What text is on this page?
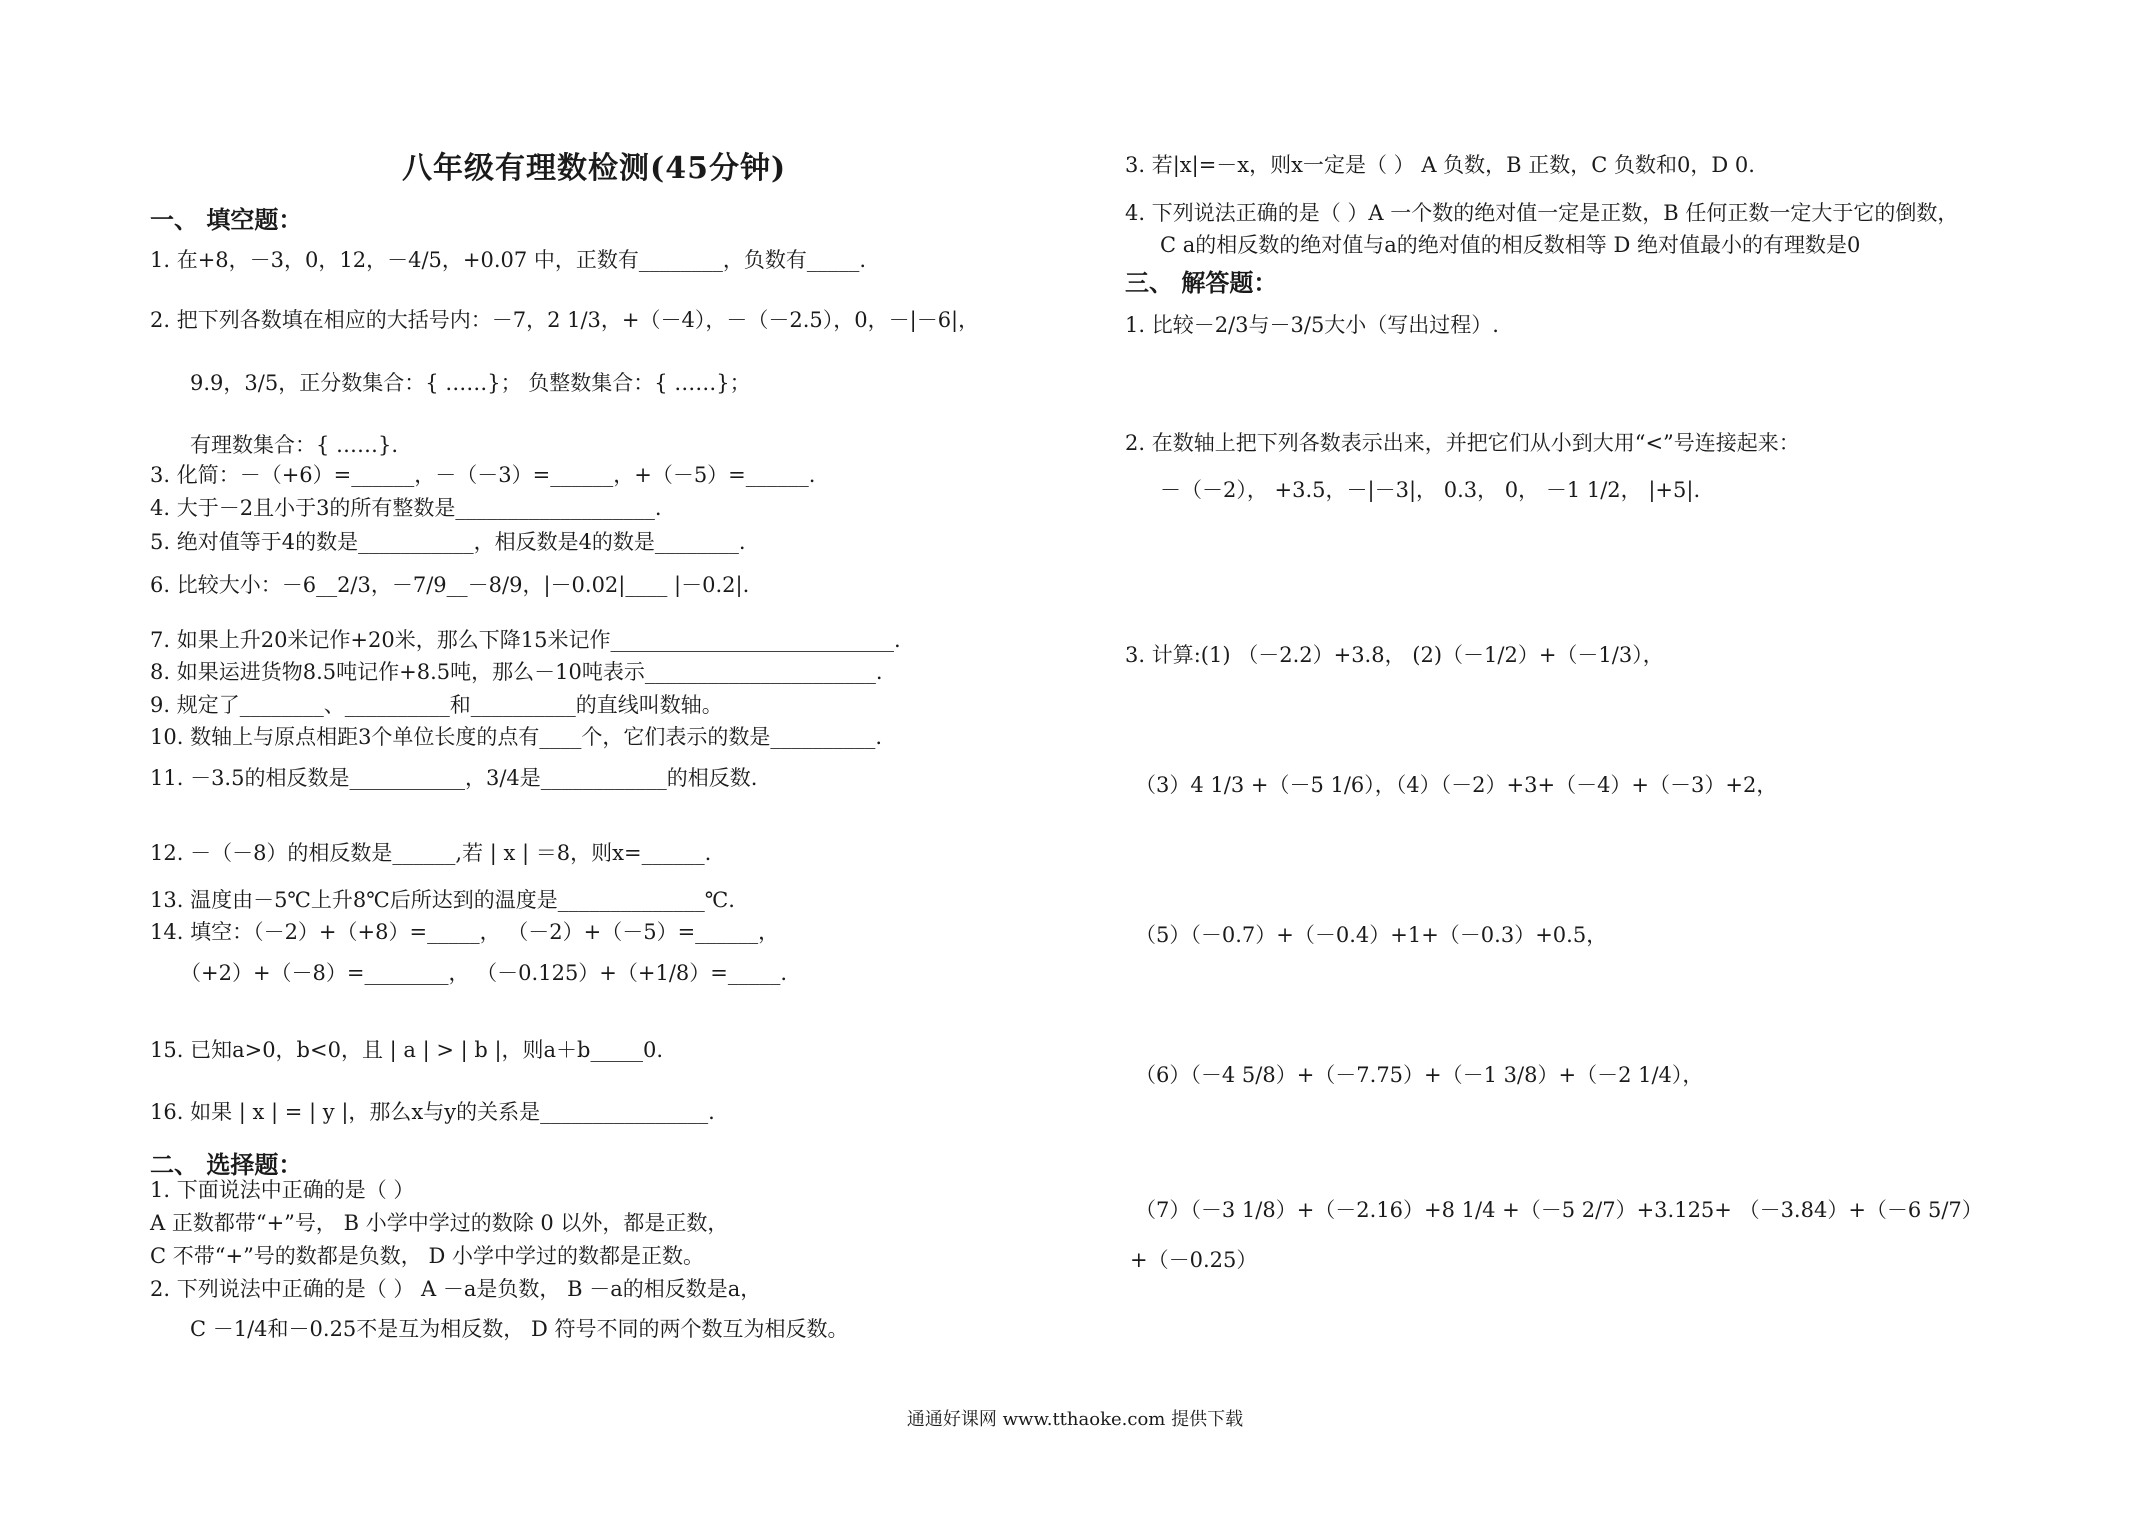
八年级有理数检测(45分钟)
一、 填空题：
1. 在+8，－3，0，12，－4/5，+0.07 中，正数有________，负数有_____.
2. 把下列各数填在相应的大括号内：－7，2 1/3，+（－4），－（－2.5），0，－|－6|，
9.9，3/5，正分数集合：{ ……}； 负整数集合：{ ……}；
有理数集合：{ ……}.
3. 化简：－（+6）=______，－（－3）=______，+（－5）=______.
4. 大于－2且小于3的所有整数是___________________.
5. 绝对值等于4的数是___________，相反数是4的数是________.
6. 比较大小：－6__2/3，－7/9__－8/9，|－0.02|____ |－0.2|.
7. 如果上升20米记作+20米，那么下降15米记作___________________________.
8. 如果运进货物8.5吨记作+8.5吨，那么－10吨表示______________________.
9. 规定了________、__________和__________的直线叫数轴。
10. 数轴上与原点相距3个单位长度的点有____个，它们表示的数是__________.
11. －3.5的相反数是___________，3/4是____________的相反数.
12. －（－8）的相反数是______,若 | x | ＝8，则x=______.
13. 温度由－5℃上升8℃后所达到的温度是______________℃.
14. 填空：（－2）+（+8）=_____， （－2）+（－5）=______，
（+2）+（－8）=________， （－0.125）+（+1/8）=_____.
15. 已知a>0，b<0，且 | a | > | b |，则a＋b_____0.
16. 如果 | x | = | y |，那么x与y的关系是________________.
二、 选择题：
1. 下面说法中正确的是（ ）
A 正数都带“+”号， B 小学中学过的数除 0 以外，都是正数，
C 不带“+”号的数都是负数， D 小学中学过的数都是正数。
2. 下列说法中正确的是（ ） A －a是负数， B －a的相反数是a，
C －1/4和－0.25不是互为相反数， D 符号不同的两个数互为相反数。
3. 若|x|=－x，则x一定是（ ） A 负数，B 正数，C 负数和0，D 0.
4. 下列说法正确的是（ ）A 一个数的绝对值一定是正数，B 任何正数一定大于它的倒数，
C a的相反数的绝对值与a的绝对值的相反数相等 D 绝对值最小的有理数是0
三、 解答题：
1. 比较－2/3与－3/5大小（写出过程）.
2. 在数轴上把下列各数表示出来，并把它们从小到大用“<”号连接起来：
－（－2）， +3.5，－|－3|， 0.3， 0， －1 1/2， |+5|.
3. 计算:(1) （－2.2）+3.8， (2)（－1/2）+（－1/3），
（3）4 1/3 +（－5 1/6），（4）（－2）+3+（－4）+（－3）+2，
（5）（－0.7）+（－0.4）+1+（－0.3）+0.5，
（6）（－4 5/8）+（－7.75）+（－1 3/8）+（－2 1/4），
（7）（－3 1/8）+（－2.16）+8 1/4 +（－5 2/7）+3.125+ （－3.84）+（－6 5/7）
+（－0.25）
通通好课网 www.tthaoke.com 提供下载
